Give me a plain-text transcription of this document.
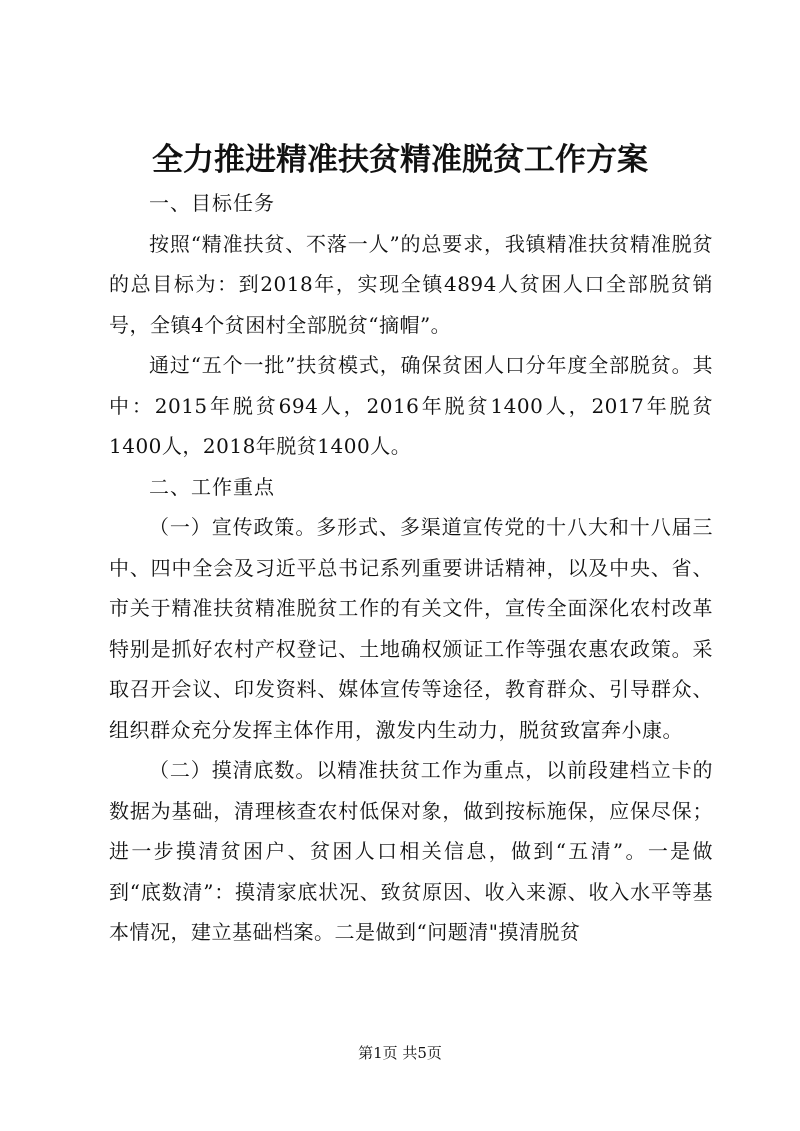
全力推进精准扶贫精准脱贫工作方案

一、目标任务

按照“精准扶贫、不落一人”的总要求，我镇精准扶贫精准脱贫的总目标为：到2018年，实现全镇4894人贫困人口全部脱贫销号，全镇4个贫困村全部脱贫“摘帽”。

通过“五个一批”扶贫模式，确保贫困人口分年度全部脱贫。其中：2015年脱贫694人，2016年脱贫1400人，2017年脱贫1400人，2018年脱贫1400人。

二、工作重点

（一）宣传政策。多形式、多渠道宣传党的十八大和十八届三中、四中全会及习近平总书记系列重要讲话精神，以及中央、省、市关于精准扶贫精准脱贫工作的有关文件，宣传全面深化农村改革特别是抓好农村产权登记、土地确权颁证工作等强农惠农政策。采取召开会议、印发资料、媒体宣传等途径，教育群众、引导群众、组织群众充分发挥主体作用，激发内生动力，脱贫致富奔小康。

（二）摸清底数。以精准扶贫工作为重点，以前段建档立卡的数据为基础，清理核查农村低保对象，做到按标施保，应保尽保；进一步摸清贫困户、贫困人口相关信息，做到“五清”。一是做到“底数清”：摸清家底状况、致贫原因、收入来源、收入水平等基本情况，建立基础档案。二是做到“问题清"摸清脱贫

第1页 共5页
